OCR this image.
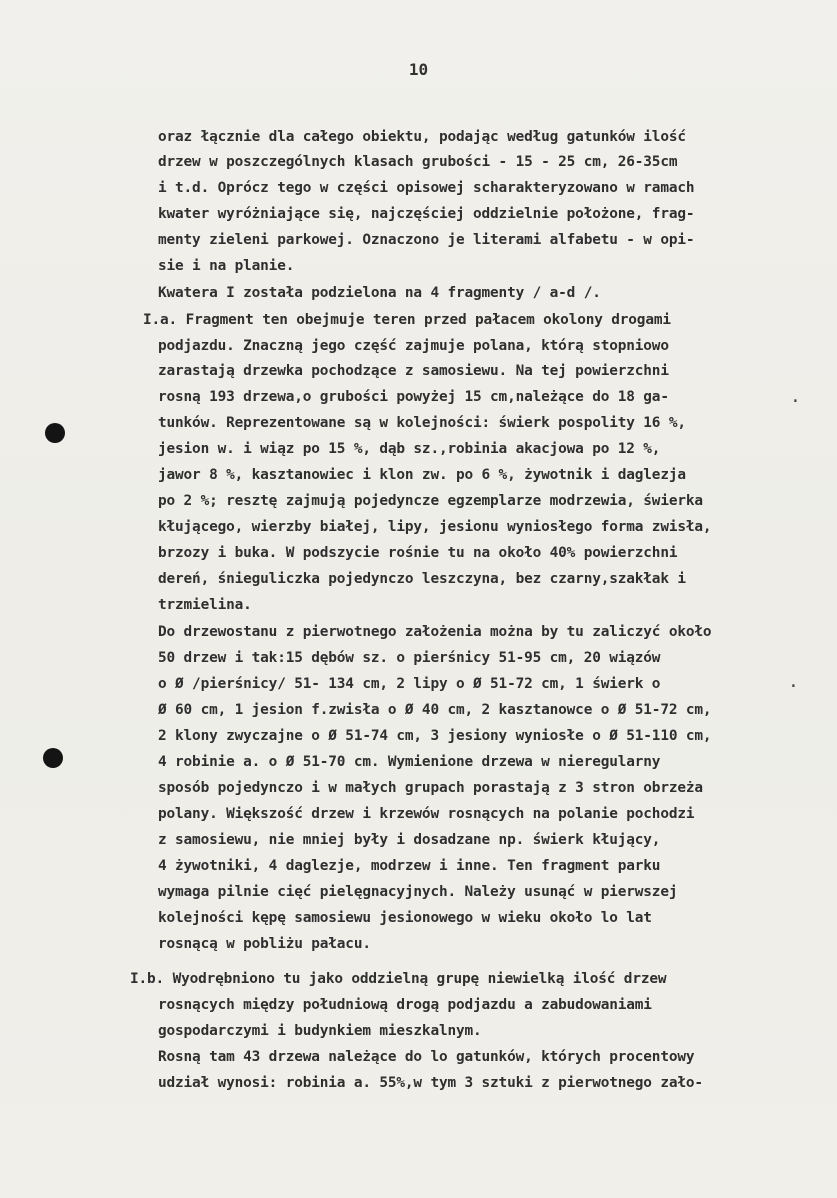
10
.
·
oraz łącznie dla całego obiektu, podając według gatunków ilość
drzew w poszczególnych klasach grubości - 15 - 25 cm, 26-35cm
i t.d. Oprócz tego w części opisowej scharakteryzowano w ramach
kwater wyróżniające się, najczęściej oddzielnie położone, frag-
menty zieleni parkowej. Oznaczono je literami alfabetu - w opi-
sie i na planie.
Kwatera I została podzielona na 4 fragmenty / a-d /.
I.a. Fragment ten obejmuje teren przed pałacem okolony drogami
podjazdu. Znaczną jego część zajmuje polana, którą stopniowo
zarastają drzewka pochodzące z samosiewu. Na tej powierzchni
rosną 193 drzewa,o grubości powyżej 15 cm,należące do 18 ga-
tunków. Reprezentowane są w kolejności: świerk pospolity 16 %,
jesion w. i wiąz po 15 %, dąb sz.,robinia akacjowa po 12 %,
jawor 8 %, kasztanowiec i klon zw. po 6 %, żywotnik i daglezja
po 2 %; resztę zajmują pojedyncze egzemplarze modrzewia, świerka
kłującego, wierzby białej, lipy, jesionu wyniosłego forma zwisła,
brzozy i buka. W podszycie rośnie tu na około 40% powierzchni
dereń, śnieguliczka pojedynczo leszczyna, bez czarny,szakłak i
trzmielina.
Do drzewostanu z pierwotnego założenia można by tu zaliczyć około
50 drzew i tak:15 dębów sz. o pierśnicy 51-95 cm, 20 wiązów
o Ø /pierśnicy/ 51- 134 cm, 2 lipy o Ø 51-72 cm, 1 świerk o
Ø 60 cm, 1 jesion f.zwisła o Ø 40 cm, 2 kasztanowce o Ø 51-72 cm,
2 klony zwyczajne o Ø 51-74 cm, 3 jesiony wyniosłe o Ø 51-110 cm,
4 robinie a. o Ø 51-70 cm. Wymienione drzewa w nieregularny
sposób pojedynczo i w małych grupach porastają z 3 stron obrzeża
polany. Większość drzew i krzewów rosnących na polanie pochodzi
z samosiewu, nie mniej były i dosadzane np. świerk kłujący,
4 żywotniki, 4 daglezje, modrzew i inne. Ten fragment parku
wymaga pilnie cięć pielęgnacyjnych. Należy usunąć w pierwszej
kolejności kępę samosiewu jesionowego w wieku około lo lat
rosnącą w pobliżu pałacu.
I.b. Wyodrębniono tu jako oddzielną grupę niewielką ilość drzew
rosnących między południową drogą podjazdu a zabudowaniami
gospodarczymi i budynkiem mieszkalnym.
Rosną tam 43 drzewa należące do lo gatunków, których procentowy
udział wynosi: robinia a. 55%,w tym 3 sztuki z pierwotnego zało-
